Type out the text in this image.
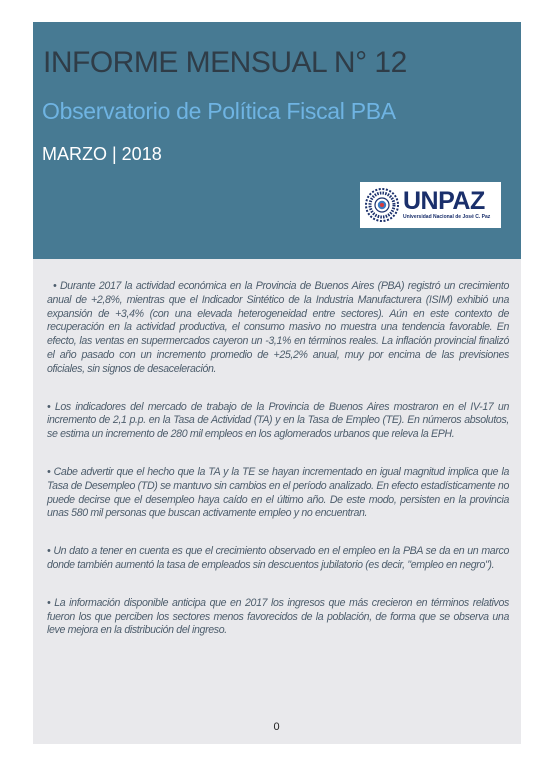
INFORME MENSUAL N° 12
Observatorio de Política Fiscal PBA
MARZO | 2018
UNPAZ
Universidad Nacional de José C. Paz

• Durante 2017 la actividad económica en la Provincia de Buenos Aires (PBA) registró un crecimiento anual de +2,8%, mientras que el Indicador Sintético de la Industria Manufacturera (ISIM) exhibió una expansión de +3,4% (con una elevada heterogeneidad entre sectores). Aún en este contexto de recuperación en la actividad productiva, el consumo masivo no muestra una tendencia favorable. En efecto, las ventas en supermercados cayeron un -3,1% en términos reales. La inflación provincial finalizó el año pasado con un incremento promedio de +25,2% anual, muy por encima de las previsiones oficiales, sin signos de desaceleración.

• Los indicadores del mercado de trabajo de la Provincia de Buenos Aires mostraron en el IV-17 un incremento de 2,1 p.p. en la Tasa de Actividad (TA) y en la Tasa de Empleo (TE). En números absolutos, se estima un incremento de 280 mil empleos en los aglomerados urbanos que releva la EPH.

• Cabe advertir que el hecho que la TA y la TE se hayan incrementado en igual magnitud implica que la Tasa de Desempleo (TD) se mantuvo sin cambios en el período analizado. En efecto estadísticamente no puede decirse que el desempleo haya caído en el último año. De este modo, persisten en la provincia unas 580 mil personas que buscan activamente empleo y no encuentran.

• Un dato a tener en cuenta es que el crecimiento observado en el empleo en la PBA se da en un marco donde también aumentó la tasa de empleados sin descuentos jubilatorio (es decir, "empleo en negro").

• La información disponible anticipa que en 2017 los ingresos que más crecieron en términos relativos fueron los que perciben los sectores menos favorecidos de la población, de forma que se observa una leve mejora en la distribución del ingreso.

0
